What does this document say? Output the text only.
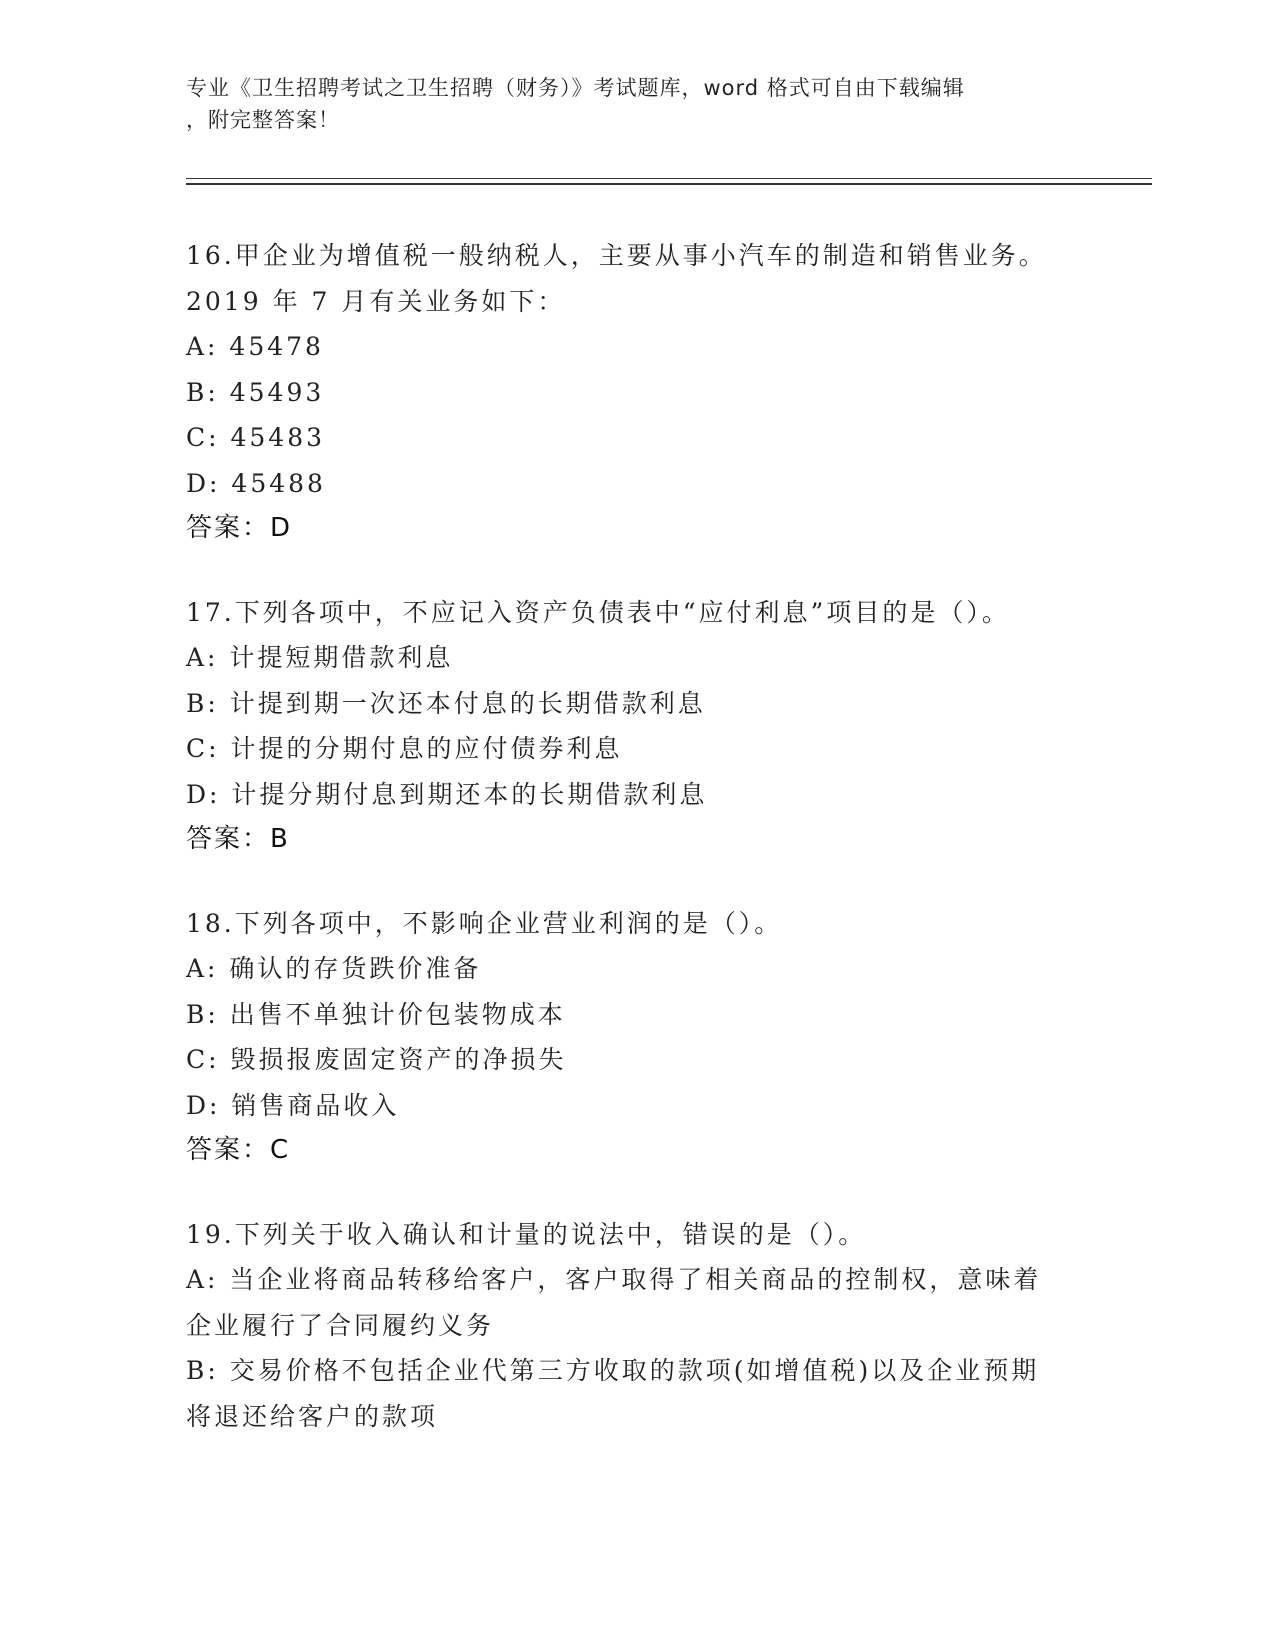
专业《卫生招聘考试之卫生招聘（财务）》考试题库，word 格式可自由下载编辑
，附完整答案！
16.甲企业为增值税一般纳税人，主要从事小汽车的制造和销售业务。
2019 年 7 月有关业务如下：
A: 45478
B: 45493
C: 45483
D: 45488
答案：D
17.下列各项中，不应记入资产负债表中“应付利息”项目的是（）。
A: 计提短期借款利息
B: 计提到期一次还本付息的长期借款利息
C: 计提的分期付息的应付债券利息
D: 计提分期付息到期还本的长期借款利息
答案：B
18.下列各项中，不影响企业营业利润的是（）。
A: 确认的存货跌价准备
B: 出售不单独计价包装物成本
C: 毁损报废固定资产的净损失
D: 销售商品收入
答案：C
19.下列关于收入确认和计量的说法中，错误的是（）。
A: 当企业将商品转移给客户，客户取得了相关商品的控制权，意味着
企业履行了合同履约义务
B: 交易价格不包括企业代第三方收取的款项(如增值税)以及企业预期
将退还给客户的款项
